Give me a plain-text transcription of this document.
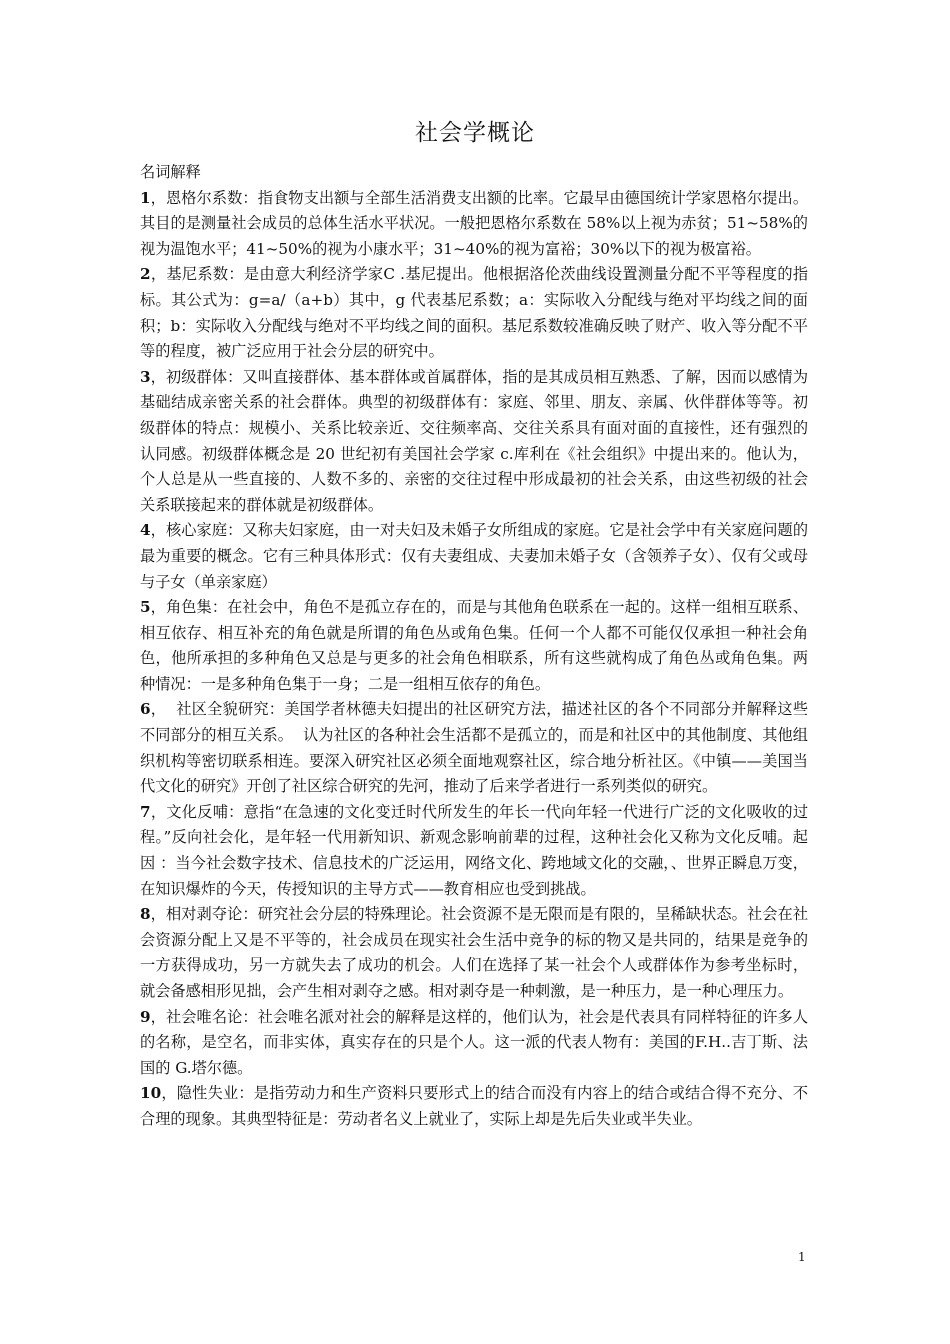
社会学概论

名词解释

1，恩格尔系数：指食物支出额与全部生活消费支出额的比率。它最早由德国统计学家恩格尔提出。其目的是测量社会成员的总体生活水平状况。一般把恩格尔系数在 58%以上视为赤贫；51~58%的视为温饱水平；41~50%的视为小康水平；31~40%的视为富裕；30%以下的视为极富裕。

2，基尼系数：是由意大利经济学家C .基尼提出。他根据洛伦茨曲线设置测量分配不平等程度的指标。其公式为：g=a/（a+b）其中，g 代表基尼系数；a：实际收入分配线与绝对平均线之间的面积；b：实际收入分配线与绝对不平均线之间的面积。基尼系数较准确反映了财产、收入等分配不平等的程度，被广泛应用于社会分层的研究中。

3，初级群体：又叫直接群体、基本群体或首属群体，指的是其成员相互熟悉、了解，因而以感情为基础结成亲密关系的社会群体。典型的初级群体有：家庭、邻里、朋友、亲属、伙伴群体等等。初级群体的特点：规模小、关系比较亲近、交往频率高、交往关系具有面对面的直接性，还有强烈的认同感。初级群体概念是 20 世纪初有美国社会学家 c.库利在《社会组织》中提出来的。他认为，个人总是从一些直接的、人数不多的、亲密的交往过程中形成最初的社会关系，由这些初级的社会关系联接起来的群体就是初级群体。

4，核心家庭：又称夫妇家庭，由一对夫妇及未婚子女所组成的家庭。它是社会学中有关家庭问题的最为重要的概念。它有三种具体形式：仅有夫妻组成、夫妻加未婚子女（含领养子女）、仅有父或母与子女（单亲家庭）

5，角色集：在社会中，角色不是孤立存在的，而是与其他角色联系在一起的。这样一组相互联系、相互依存、相互补充的角色就是所谓的角色丛或角色集。任何一个人都不可能仅仅承担一种社会角色，他所承担的多种角色又总是与更多的社会角色相联系，所有这些就构成了角色丛或角色集。两种情况：一是多种角色集于一身；二是一组相互依存的角色。

6，  社区全貌研究：美国学者林德夫妇提出的社区研究方法，描述社区的各个不同部分并解释这些不同部分的相互关系。  认为社区的各种社会生活都不是孤立的，而是和社区中的其他制度、其他组织机构等密切联系相连。要深入研究社区必须全面地观察社区，综合地分析社区。《中镇——美国当代文化的研究》开创了社区综合研究的先河，推动了后来学者进行一系列类似的研究。

7，文化反哺：意指“在急速的文化变迁时代所发生的年长一代向年轻一代进行广泛的文化吸收的过程。”反向社会化，是年轻一代用新知识、新观念影响前辈的过程，这种社会化又称为文化反哺。起因 ：当今社会数字技术、信息技术的广泛运用，网络文化、跨地域文化的交融，、世界正瞬息万变，在知识爆炸的今天，传授知识的主导方式——教育相应也受到挑战。

8，相对剥夺论：研究社会分层的特殊理论。社会资源不是无限而是有限的，呈稀缺状态。社会在社会资源分配上又是不平等的，社会成员在现实社会生活中竞争的标的物又是共同的，结果是竞争的一方获得成功，另一方就失去了成功的机会。人们在选择了某一社会个人或群体作为参考坐标时，就会备感相形见拙，会产生相对剥夺之感。相对剥夺是一种刺激，是一种压力，是一种心理压力。

9，社会唯名论：社会唯名派对社会的解释是这样的，他们认为，社会是代表具有同样特征的许多人的名称，是空名，而非实体，真实存在的只是个人。这一派的代表人物有：美国的F.H..吉丁斯、法国的 G.塔尔德。

10，隐性失业：是指劳动力和生产资料只要形式上的结合而没有内容上的结合或结合得不充分、不合理的现象。其典型特征是：劳动者名义上就业了，实际上却是先后失业或半失业。

1
